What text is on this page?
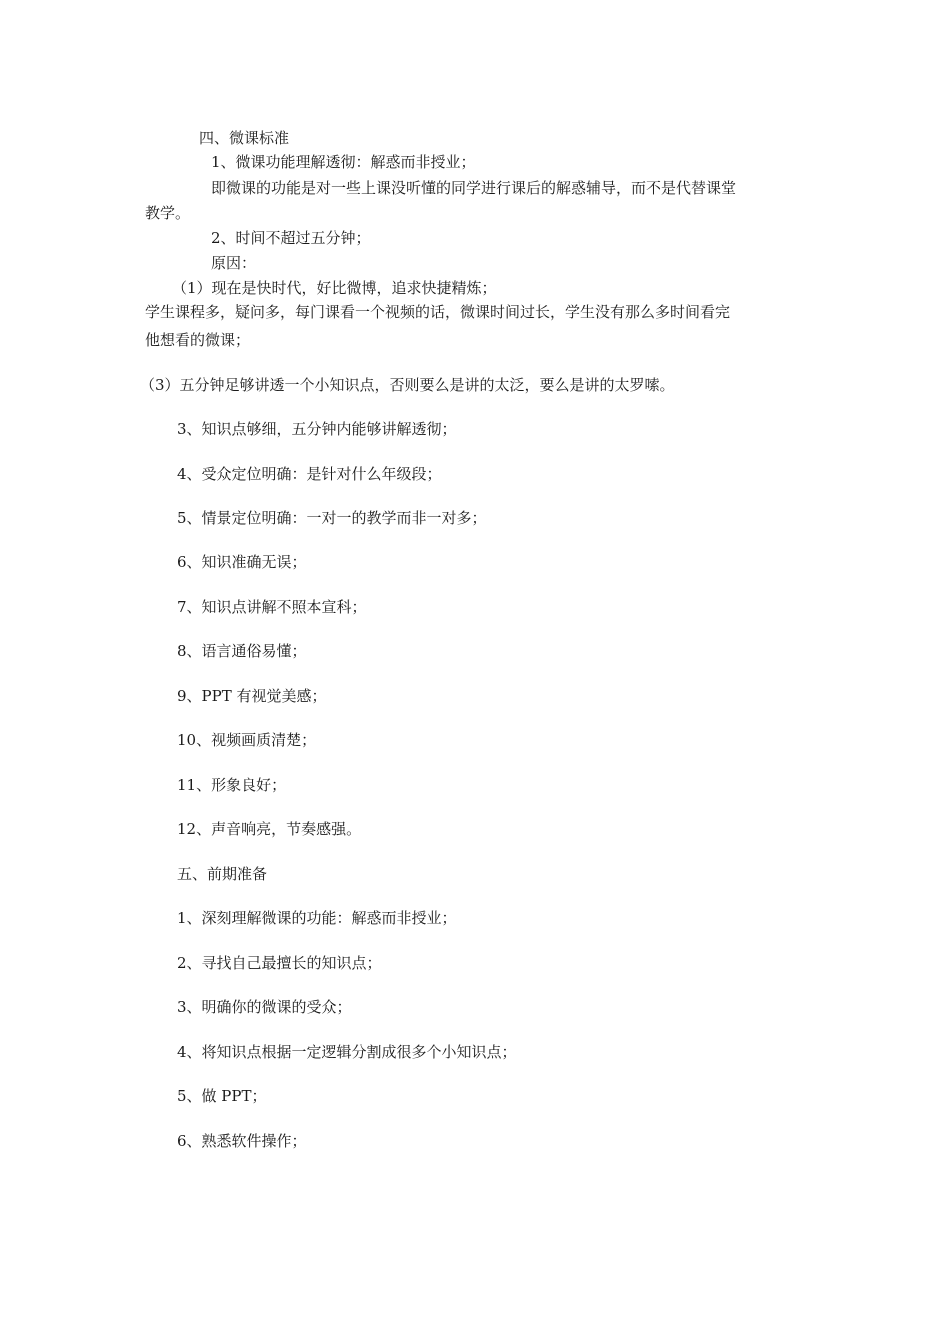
四、微课标准
1、微课功能理解透彻：解惑而非授业；
即微课的功能是对一些上课没听懂的同学进行课后的解惑辅导，而不是代替课堂
教学。
2、时间不超过五分钟；
原因：
（1）现在是快时代，好比微博，追求快捷精炼；
学生课程多，疑问多，每门课看一个视频的话，微课时间过长，学生没有那么多时间看完
他想看的微课；
（3）五分钟足够讲透一个小知识点，否则要么是讲的太泛，要么是讲的太罗嗦。
3、知识点够细，五分钟内能够讲解透彻；
4、受众定位明确：是针对什么年级段；
5、情景定位明确：一对一的教学而非一对多；
6、知识准确无误；
7、知识点讲解不照本宣科；
8、语言通俗易懂；
9、PPT 有视觉美感；
10、视频画质清楚；
11、形象良好；
12、声音响亮，节奏感强。
五、前期准备
1、深刻理解微课的功能：解惑而非授业；
2、寻找自己最擅长的知识点；
3、明确你的微课的受众；
4、将知识点根据一定逻辑分割成很多个小知识点；
5、做 PPT；
6、熟悉软件操作；
